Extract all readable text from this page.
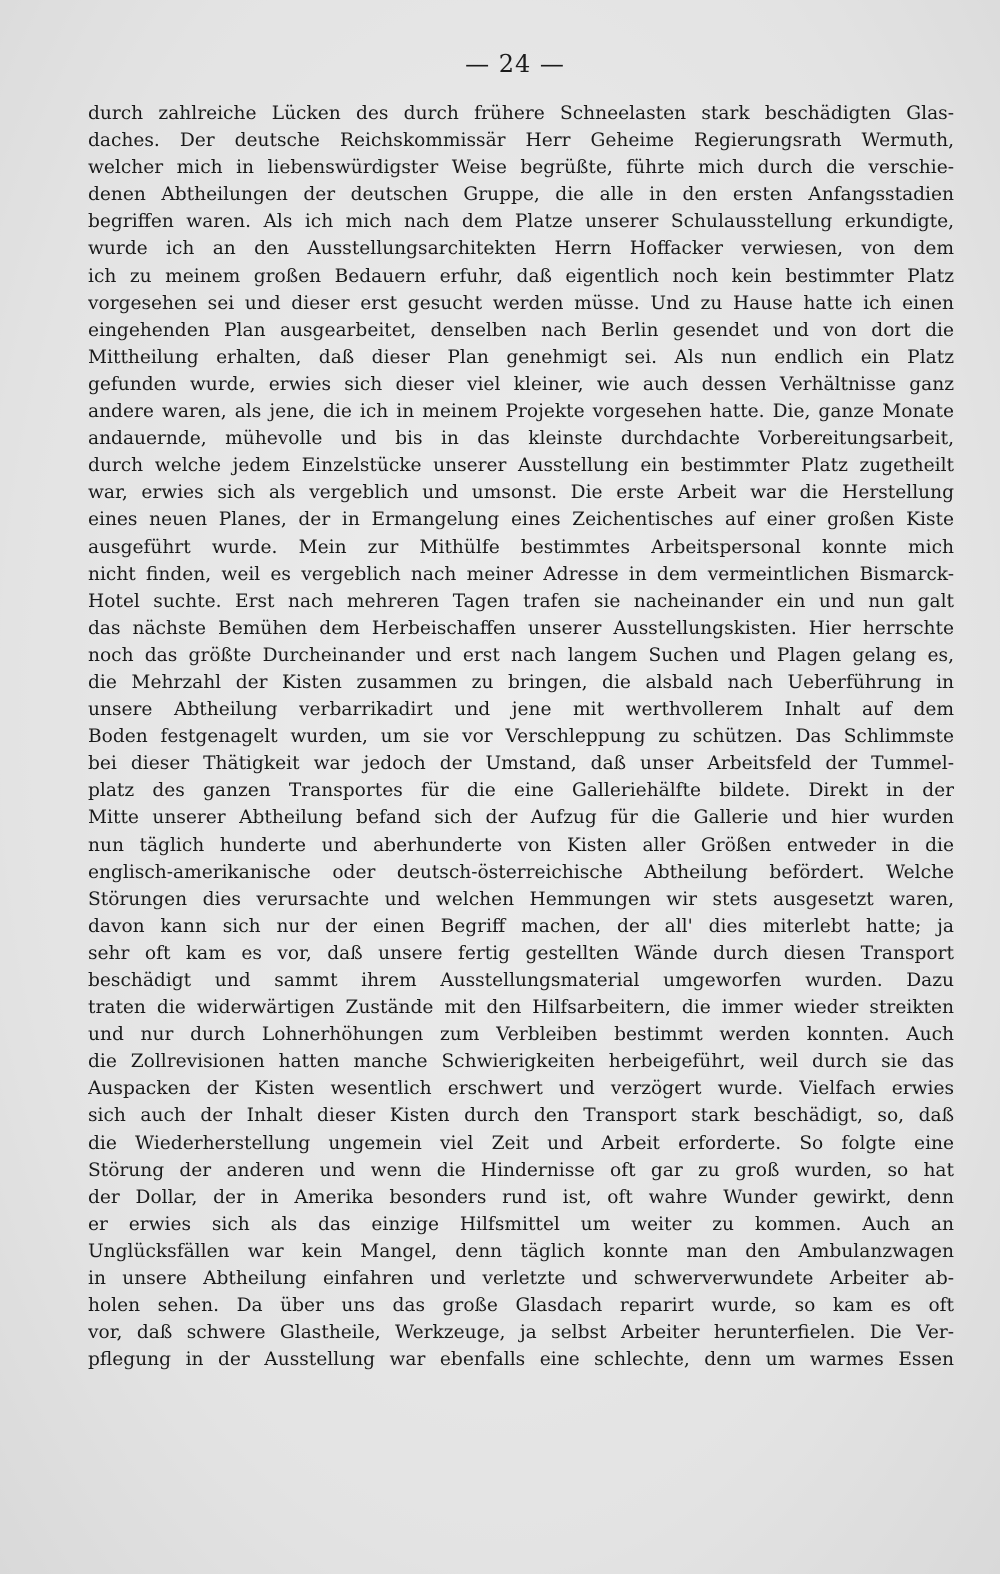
— 24 —
durch zahlreiche Lücken des durch frühere Schneelasten stark beschädigten Glas-
daches. Der deutsche Reichskommissär Herr Geheime Regierungsrath Wermuth,
welcher mich in liebenswürdigster Weise begrüßte, führte mich durch die verschie-
denen Abtheilungen der deutschen Gruppe, die alle in den ersten Anfangsstadien
begriffen waren. Als ich mich nach dem Platze unserer Schulausstellung erkundigte,
wurde ich an den Ausstellungsarchitekten Herrn Hoffacker verwiesen, von dem
ich zu meinem großen Bedauern erfuhr, daß eigentlich noch kein bestimmter Platz
vorgesehen sei und dieser erst gesucht werden müsse. Und zu Hause hatte ich einen
eingehenden Plan ausgearbeitet, denselben nach Berlin gesendet und von dort die
Mittheilung erhalten, daß dieser Plan genehmigt sei. Als nun endlich ein Platz
gefunden wurde, erwies sich dieser viel kleiner, wie auch dessen Verhältnisse ganz
andere waren, als jene, die ich in meinem Projekte vorgesehen hatte. Die, ganze Monate
andauernde, mühevolle und bis in das kleinste durchdachte Vorbereitungsarbeit,
durch welche jedem Einzelstücke unserer Ausstellung ein bestimmter Platz zugetheilt
war, erwies sich als vergeblich und umsonst. Die erste Arbeit war die Herstellung
eines neuen Planes, der in Ermangelung eines Zeichentisches auf einer großen Kiste
ausgeführt wurde. Mein zur Mithülfe bestimmtes Arbeitspersonal konnte mich
nicht finden, weil es vergeblich nach meiner Adresse in dem vermeintlichen Bismarck-
Hotel suchte. Erst nach mehreren Tagen trafen sie nacheinander ein und nun galt
das nächste Bemühen dem Herbeischaffen unserer Ausstellungskisten. Hier herrschte
noch das größte Durcheinander und erst nach langem Suchen und Plagen gelang es,
die Mehrzahl der Kisten zusammen zu bringen, die alsbald nach Ueberführung in
unsere Abtheilung verbarrikadirt und jene mit werthvollerem Inhalt auf dem
Boden festgenagelt wurden, um sie vor Verschleppung zu schützen. Das Schlimmste
bei dieser Thätigkeit war jedoch der Umstand, daß unser Arbeitsfeld der Tummel-
platz des ganzen Transportes für die eine Galleriehälfte bildete. Direkt in der
Mitte unserer Abtheilung befand sich der Aufzug für die Gallerie und hier wurden
nun täglich hunderte und aberhunderte von Kisten aller Größen entweder in die
englisch-amerikanische oder deutsch-österreichische Abtheilung befördert. Welche
Störungen dies verursachte und welchen Hemmungen wir stets ausgesetzt waren,
davon kann sich nur der einen Begriff machen, der all' dies miterlebt hatte; ja
sehr oft kam es vor, daß unsere fertig gestellten Wände durch diesen Transport
beschädigt und sammt ihrem Ausstellungsmaterial umgeworfen wurden. Dazu
traten die widerwärtigen Zustände mit den Hilfsarbeitern, die immer wieder streikten
und nur durch Lohnerhöhungen zum Verbleiben bestimmt werden konnten. Auch
die Zollrevisionen hatten manche Schwierigkeiten herbeigeführt, weil durch sie das
Auspacken der Kisten wesentlich erschwert und verzögert wurde. Vielfach erwies
sich auch der Inhalt dieser Kisten durch den Transport stark beschädigt, so, daß
die Wiederherstellung ungemein viel Zeit und Arbeit erforderte. So folgte eine
Störung der anderen und wenn die Hindernisse oft gar zu groß wurden, so hat
der Dollar, der in Amerika besonders rund ist, oft wahre Wunder gewirkt, denn
er erwies sich als das einzige Hilfsmittel um weiter zu kommen. Auch an
Unglücksfällen war kein Mangel, denn täglich konnte man den Ambulanzwagen
in unsere Abtheilung einfahren und verletzte und schwerverwundete Arbeiter ab-
holen sehen. Da über uns das große Glasdach reparirt wurde, so kam es oft
vor, daß schwere Glastheile, Werkzeuge, ja selbst Arbeiter herunterfielen. Die Ver-
pflegung in der Ausstellung war ebenfalls eine schlechte, denn um warmes Essen
